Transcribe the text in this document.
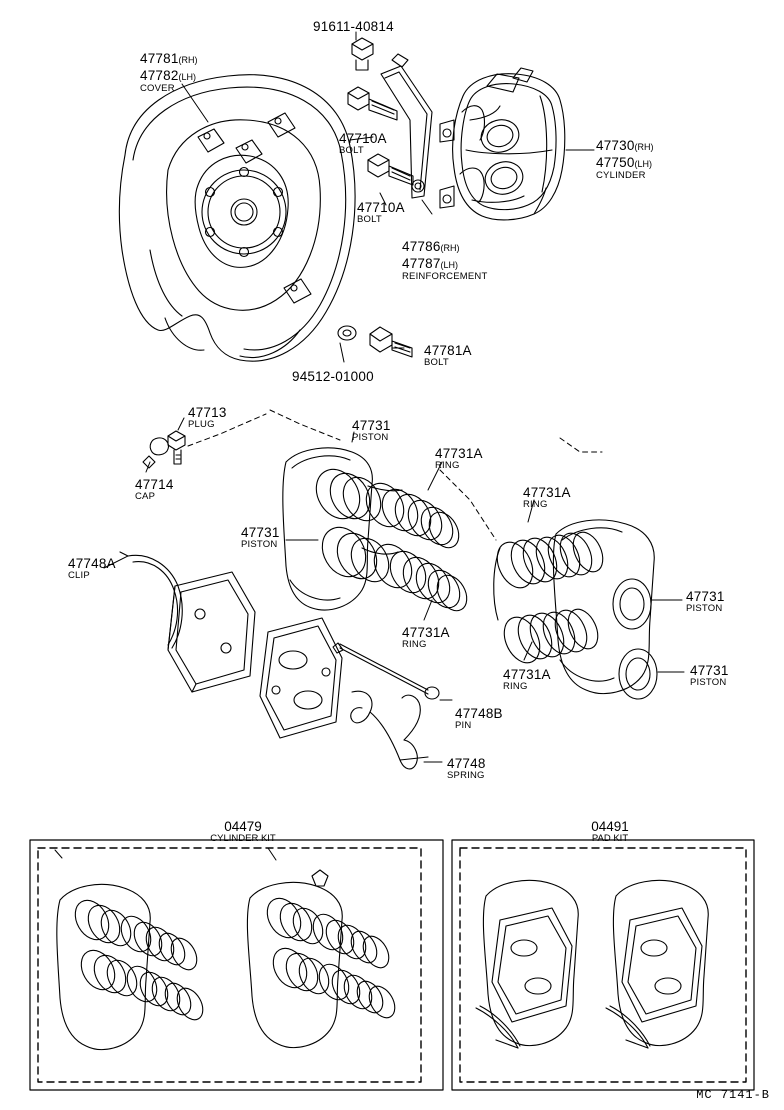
47781(RH)
47782(LH)
COVER
91611-40814
47710A
BOLT
47710A
BOLT
47730(RH)
47750(LH)
CYLINDER
47786(RH)
47787(LH)
REINFORCEMENT
47781A
BOLT
94512-01000
47713
PLUG
47714
CAP
47731
PISTON
47731A
RING
47731
PISTON
47731A
RING
47731A
RING
47731
PISTON
47731A
RING
47731
PISTON
47748A
CLIP
47748B
PIN
47748
SPRING
04479
CYLINDER KIT
04491
PAD KIT
MC 7141-B
